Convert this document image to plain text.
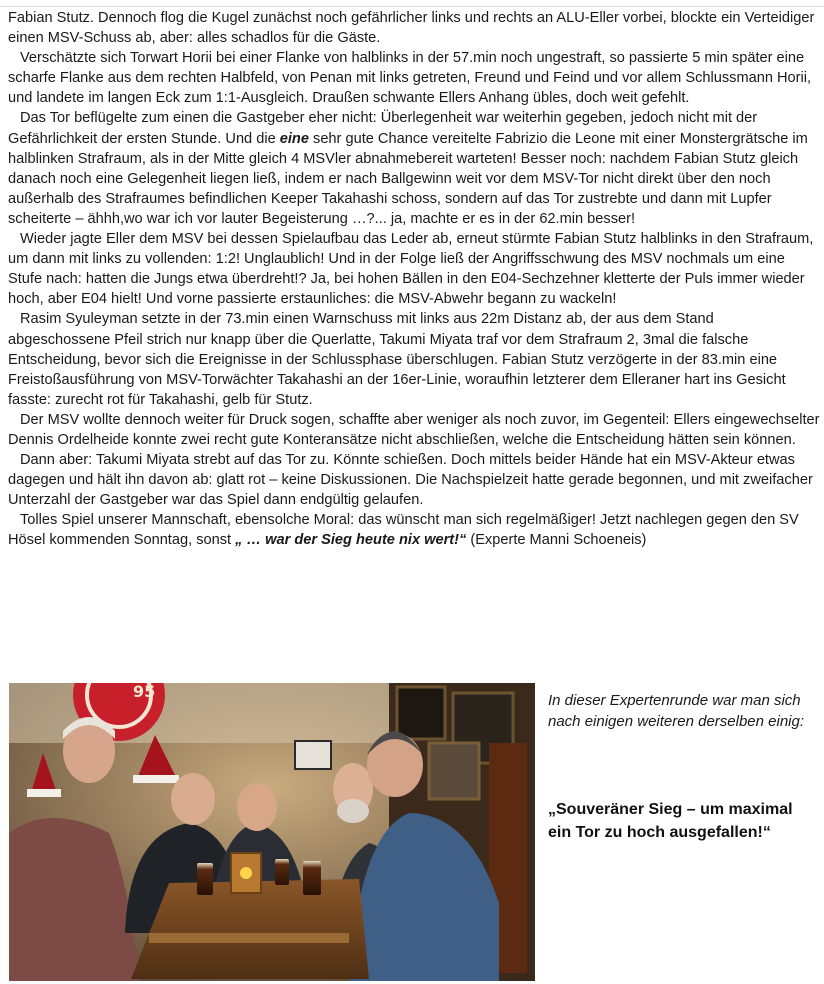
Fabian Stutz. Dennoch flog die Kugel zunächst noch gefährlicher links und rechts an ALU-Eller vorbei, blockte ein Verteidiger einen MSV-Schuss ab, aber: alles schadlos für die Gäste.

Verschätzte sich Torwart Horii bei einer Flanke von halblinks in der 57.min noch ungestraft, so passierte 5 min später eine scharfe Flanke aus dem rechten Halbfeld, von Penan mit links getreten, Freund und Feind und vor allem Schlussmann Horii, und landete im langen Eck zum 1:1-Ausgleich. Draußen schwante Ellers Anhang übles, doch weit gefehlt.

Das Tor beflügelte zum einen die Gastgeber eher nicht: Überlegenheit war weiterhin gegeben, jedoch nicht mit der Gefährlichkeit der ersten Stunde. Und die eine sehr gute Chance vereitelte Fabrizio die Leone mit einer Monstergrätsche im halblinken Strafraum, als in der Mitte gleich 4 MSVler abnahmebereit warteten! Besser noch: nachdem Fabian Stutz gleich danach noch eine Gelegenheit liegen ließ, indem er nach Ballgewinn weit vor dem MSV-Tor nicht direkt über den noch außerhalb des Strafraumes befindlichen Keeper Takahashi schoss, sondern auf das Tor zustrebte und dann mit Lupfer scheiterte – ähhh,wo war ich vor lauter Begeisterung …?... ja, machte er es in der 62.min besser!

Wieder jagte Eller dem MSV bei dessen Spielaufbau das Leder ab, erneut stürmte Fabian Stutz halblinks in den Strafraum, um dann mit links zu vollenden: 1:2! Unglaublich! Und in der Folge ließ der Angriffsschwung des MSV nochmals um eine Stufe nach: hatten die Jungs etwa überdreht!? Ja, bei hohen Bällen in den E04-Sechzehner kletterte der Puls immer wieder hoch, aber E04 hielt! Und vorne passierte erstaunliches: die MSV-Abwehr begann zu wackeln!

Rasim Syuleyman setzte in der 73.min einen Warnschuss mit links aus 22m Distanz ab, der aus dem Stand abgeschossene Pfeil strich nur knapp über die Querlatte, Takumi Miyata traf vor dem Strafraum 2, 3mal die falsche Entscheidung, bevor sich die Ereignisse in der Schlussphase überschlugen. Fabian Stutz verzögerte in der 83.min eine Freistoßausführung von MSV-Torwächter Takahashi an der 16er-Linie, woraufhin letzterer dem Elleraner hart ins Gesicht fasste: zurecht rot für Takahashi, gelb für Stutz.

Der MSV wollte dennoch weiter für Druck sogen, schaffte aber weniger als noch zuvor, im Gegenteil: Ellers eingewechselter Dennis Ordelheide konnte zwei recht gute Konteransätze nicht abschließen, welche die Entscheidung hätten sein können.

Dann aber: Takumi Miyata strebt auf das Tor zu. Könnte schießen. Doch mittels beider Hände hat ein MSV-Akteur etwas dagegen und hält ihn davon ab: glatt rot – keine Diskussionen. Die Nachspielzeit hatte gerade begonnen, und mit zweifacher Unterzahl der Gastgeber war das Spiel dann endgültig gelaufen.

Tolles Spiel unserer Mannschaft, ebensolche Moral: das wünscht man sich regelmäßiger! Jetzt nachlegen gegen den SV Hösel kommenden Sonntag, sonst „ … war der Sieg heute nix wert!“ (Experte Manni Schoeneis)

95	In dieser Expertenrunde war man sich nach einigen weiteren derselben einig:
„Souveräner Sieg – um maximal ein Tor zu hoch ausgefallen!“
